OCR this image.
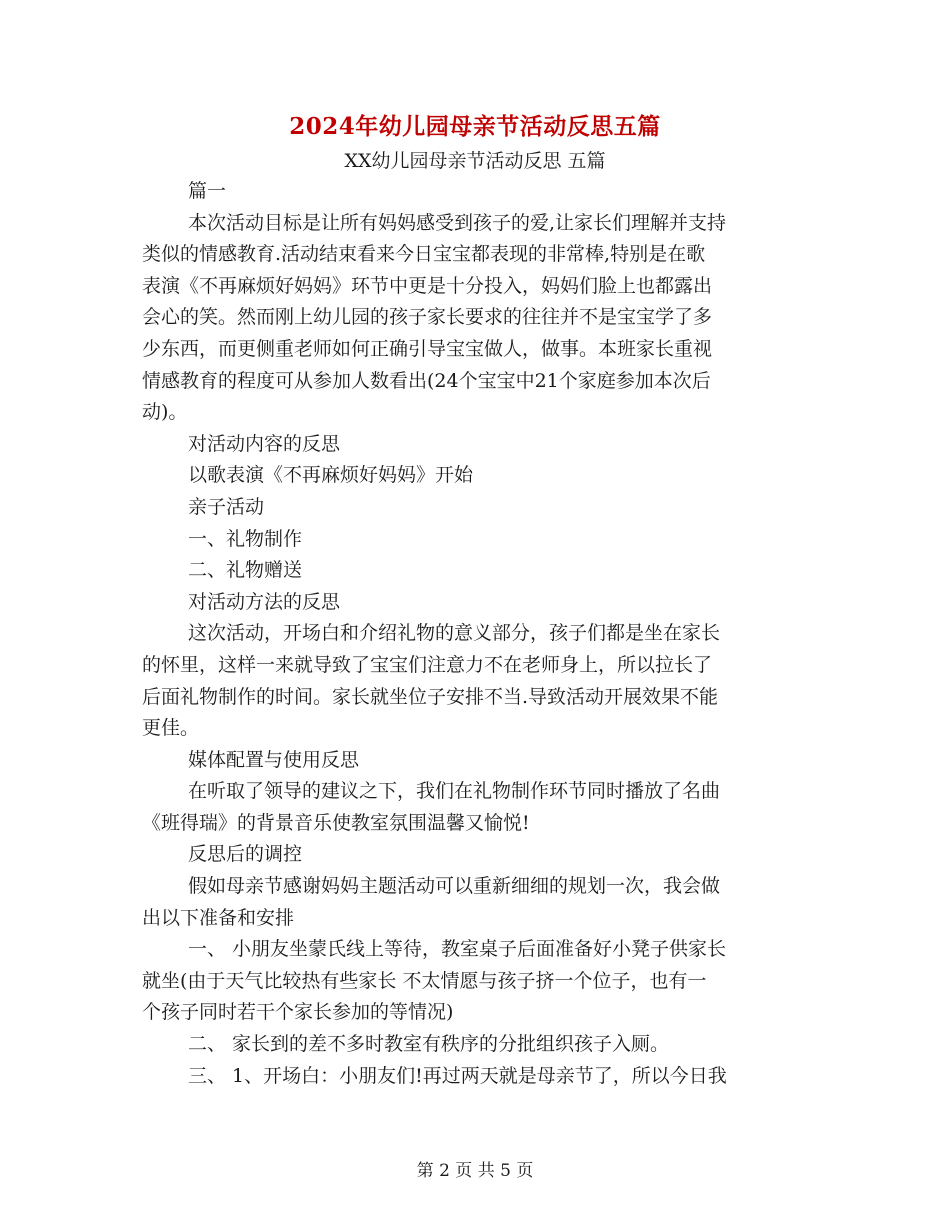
2024年幼儿园母亲节活动反思五篇
XX幼儿园母亲节活动反思 五篇
篇一
本次活动目标是让所有妈妈感受到孩子的爱,让家长们理解并支持
类似的情感教育.活动结束看来今日宝宝都表现的非常棒,特别是在歌
表演《不再麻烦好妈妈》环节中更是十分投入，妈妈们脸上也都露出
会心的笑。然而刚上幼儿园的孩子家长要求的往往并不是宝宝学了多
少东西，而更侧重老师如何正确引导宝宝做人，做事。本班家长重视
情感教育的程度可从参加人数看出(24个宝宝中21个家庭参加本次后
动)。
对活动内容的反思
以歌表演《不再麻烦好妈妈》开始
亲子活动
一、礼物制作
二、礼物赠送
对活动方法的反思
这次活动，开场白和介绍礼物的意义部分，孩子们都是坐在家长
的怀里，这样一来就导致了宝宝们注意力不在老师身上，所以拉长了
后面礼物制作的时间。家长就坐位子安排不当.导致活动开展效果不能
更佳。
媒体配置与使用反思
在听取了领导的建议之下，我们在礼物制作环节同时播放了名曲
《班得瑞》的背景音乐使教室氛围温馨又愉悦!
反思后的调控
假如母亲节感谢妈妈主题活动可以重新细细的规划一次，我会做
出以下准备和安排
一、 小朋友坐蒙氏线上等待，教室桌子后面准备好小凳子供家长
就坐(由于天气比较热有些家长 不太情愿与孩子挤一个位子，也有一
个孩子同时若干个家长参加的等情况)
二、 家长到的差不多时教室有秩序的分批组织孩子入厕。
三、 1、开场白：小朋友们!再过两天就是母亲节了，所以今日我
第 2 页 共 5 页
